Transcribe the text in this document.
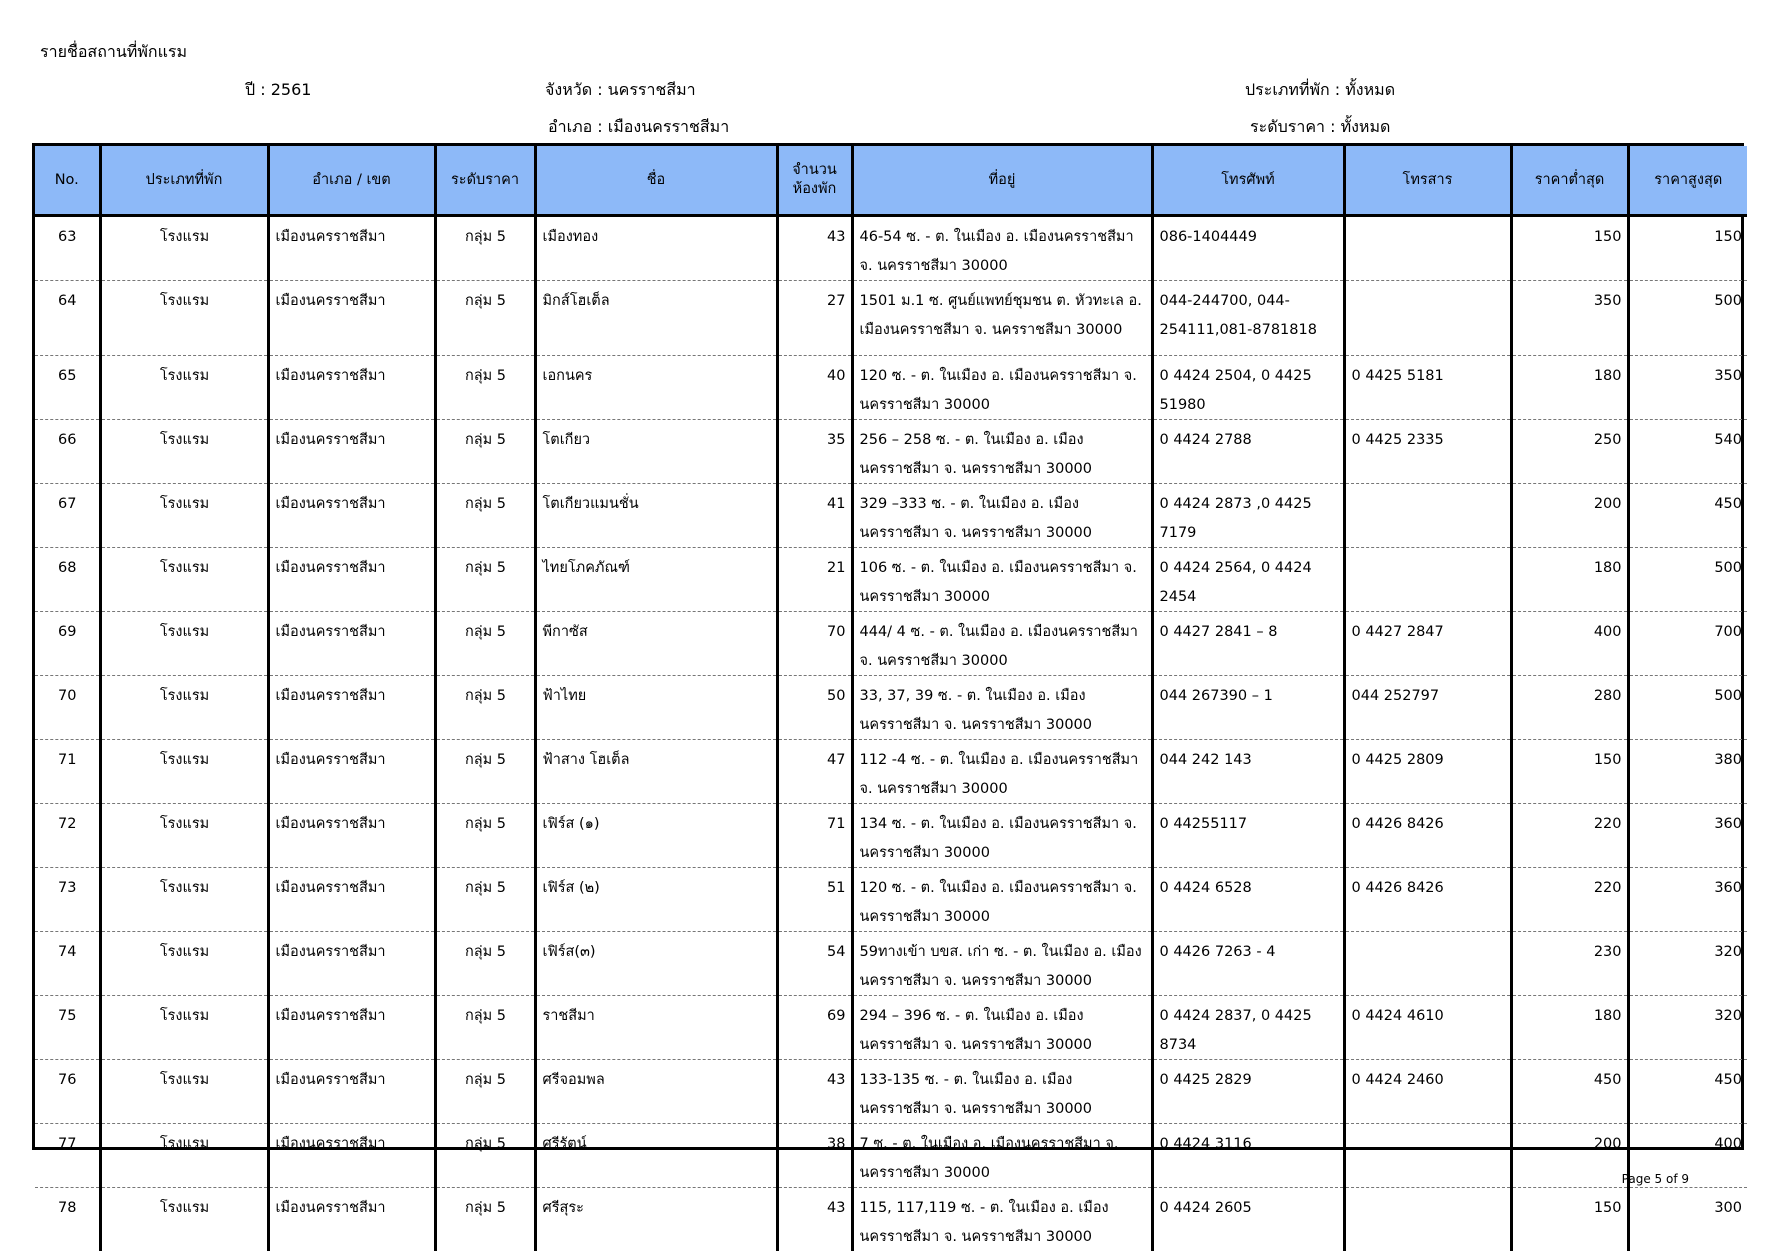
รายชื่อสถานที่พักแรม
ปี : 2561	จังหวัด : นครราชสีมา
อำเภอ : เมืองนครราชสีมา
ประเภทที่พัก : ทั้งหมด
ระดับราคา : ทั้งหมด
No.	ประเภทที่พัก	อำเภอ / เขต	ระดับราคา	ชื่อ	จำนวน ห้องพัก	ที่อยู่	โทรศัพท์	โทรสาร	ราคาต่ำสุด	ราคาสูงสุด
63	โรงแรม	เมืองนครราชสีมา	กลุ่ม 5	เมืองทอง	43	46-54 ซ. - ต. ในเมือง อ. เมืองนครราชสีมา จ. นครราชสีมา 30000	086-1404449		150	150
64	โรงแรม	เมืองนครราชสีมา	กลุ่ม 5	มิกส์โฮเต็ล	27	1501 ม.1 ซ. ศูนย์แพทย์ชุมชน ต. หัวทะเล อ. เมืองนครราชสีมา จ. นครราชสีมา 30000	044-244700, 044-254111,081-8781818		350	500
65	โรงแรม	เมืองนครราชสีมา	กลุ่ม 5	เอกนคร	40	120 ซ. - ต. ในเมือง อ. เมืองนครราชสีมา จ. นครราชสีมา 30000	0 4424 2504, 0 4425 51980	0 4425 5181	180	350
66	โรงแรม	เมืองนครราชสีมา	กลุ่ม 5	โตเกียว	35	256 – 258 ซ. - ต. ในเมือง อ. เมืองนครราชสีมา จ. นครราชสีมา 30000	0 4424 2788	0 4425 2335	250	540
67	โรงแรม	เมืองนครราชสีมา	กลุ่ม 5	โตเกียวแมนชั่น	41	329 –333 ซ. - ต. ในเมือง อ. เมืองนครราชสีมา จ. นครราชสีมา 30000	0 4424 2873 ,0 4425 7179		200	450
68	โรงแรม	เมืองนครราชสีมา	กลุ่ม 5	ไทยโภคภัณฑ์	21	106 ซ. - ต. ในเมือง อ. เมืองนครราชสีมา จ. นครราชสีมา 30000	0 4424 2564, 0 4424 2454		180	500
69	โรงแรม	เมืองนครราชสีมา	กลุ่ม 5	พีกาซัส	70	444/ 4 ซ. - ต. ในเมือง อ. เมืองนครราชสีมา จ. นครราชสีมา 30000	0 4427 2841 – 8	0 4427 2847	400	700
70	โรงแรม	เมืองนครราชสีมา	กลุ่ม 5	ฟ้าไทย	50	33, 37, 39 ซ. - ต. ในเมือง อ. เมืองนครราชสีมา จ. นครราชสีมา 30000	044 267390 – 1	044 252797	280	500
71	โรงแรม	เมืองนครราชสีมา	กลุ่ม 5	ฟ้าสาง โฮเต็ล	47	112 -4 ซ. - ต. ในเมือง อ. เมืองนครราชสีมา จ. นครราชสีมา 30000	044 242 143	0 4425 2809	150	380
72	โรงแรม	เมืองนครราชสีมา	กลุ่ม 5	เฟิร์ส (๑)	71	134 ซ. - ต. ในเมือง อ. เมืองนครราชสีมา จ. นครราชสีมา 30000	0 44255117	0 4426 8426	220	360
73	โรงแรม	เมืองนครราชสีมา	กลุ่ม 5	เฟิร์ส (๒)	51	120 ซ. - ต. ในเมือง อ. เมืองนครราชสีมา จ. นครราชสีมา 30000	0 4424 6528	0 4426 8426	220	360
74	โรงแรม	เมืองนครราชสีมา	กลุ่ม 5	เฟิร์ส(๓)	54	59ทางเข้า บขส. เก่า ซ. - ต. ในเมือง อ. เมืองนครราชสีมา จ. นครราชสีมา 30000	0 4426 7263 - 4		230	320
75	โรงแรม	เมืองนครราชสีมา	กลุ่ม 5	ราชสีมา	69	294 – 396 ซ. - ต. ในเมือง อ. เมืองนครราชสีมา จ. นครราชสีมา 30000	0 4424 2837, 0 4425 8734	0 4424 4610	180	320
76	โรงแรม	เมืองนครราชสีมา	กลุ่ม 5	ศรีจอมพล	43	133-135 ซ. - ต. ในเมือง อ. เมืองนครราชสีมา จ. นครราชสีมา 30000	0 4425 2829	0 4424 2460	450	450
77	โรงแรม	เมืองนครราชสีมา	กลุ่ม 5	ศรีรัตน์	38	7 ซ. - ต. ในเมือง อ. เมืองนครราชสีมา จ. นครราชสีมา 30000	0 4424 3116		200	400
78	โรงแรม	เมืองนครราชสีมา	กลุ่ม 5	ศรีสุระ	43	115, 117,119 ซ. - ต. ในเมือง อ. เมืองนครราชสีมา จ. นครราชสีมา 30000	0 4424 2605		150	300
Page 5 of 9
